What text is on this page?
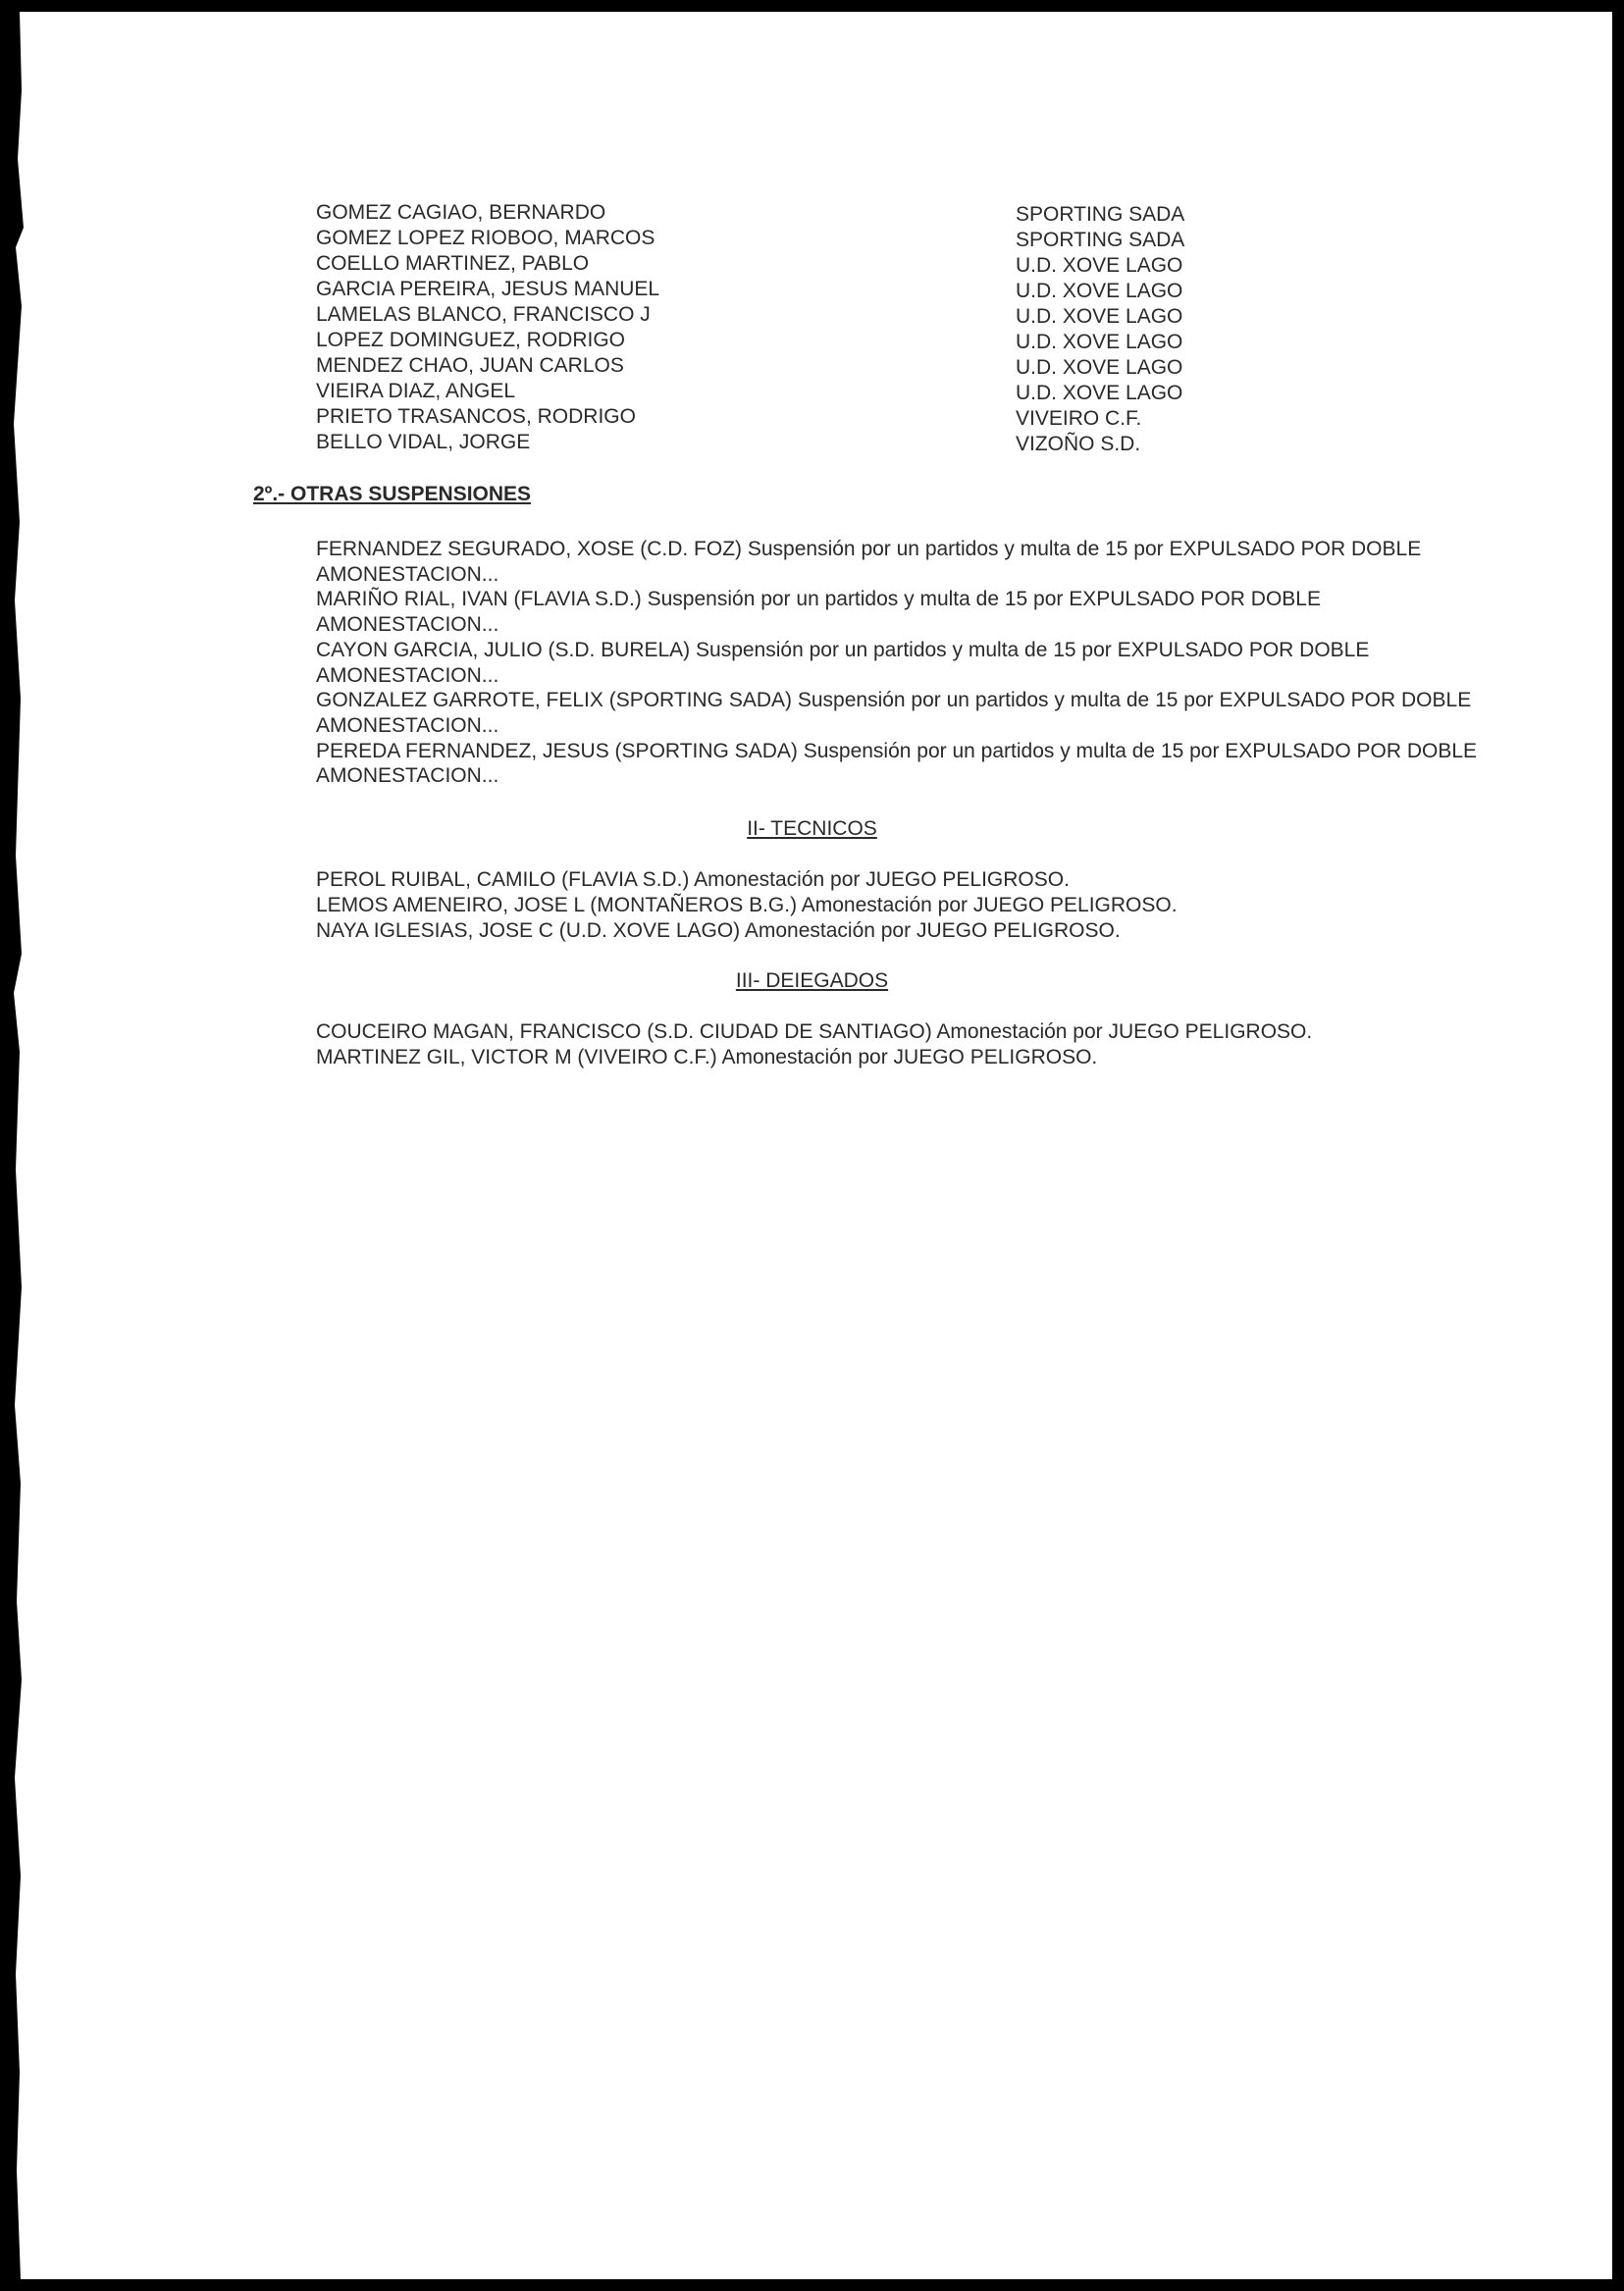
GOMEZ CAGIAO, BERNARDO	SPORTING SADA
GOMEZ LOPEZ RIOBOO, MARCOS	SPORTING SADA
COELLO MARTINEZ, PABLO	U.D. XOVE LAGO
GARCIA PEREIRA, JESUS MANUEL	U.D. XOVE LAGO
LAMELAS BLANCO, FRANCISCO J	U.D. XOVE LAGO
LOPEZ DOMINGUEZ, RODRIGO	U.D. XOVE LAGO
MENDEZ CHAO, JUAN CARLOS	U.D. XOVE LAGO
VIEIRA DIAZ, ANGEL	U.D. XOVE LAGO
PRIETO TRASANCOS, RODRIGO	VIVEIRO C.F.
BELLO VIDAL, JORGE	VIZOÑO S.D.
2º.- OTRAS SUSPENSIONES
FERNANDEZ SEGURADO, XOSE (C.D. FOZ) Suspensión por un partidos y multa de 15 por EXPULSADO POR DOBLE AMONESTACION...
MARIÑO RIAL, IVAN (FLAVIA S.D.) Suspensión por un partidos y multa de 15 por EXPULSADO POR DOBLE AMONESTACION...
CAYON GARCIA, JULIO (S.D. BURELA) Suspensión por un partidos y multa de 15 por EXPULSADO POR DOBLE AMONESTACION...
GONZALEZ GARROTE, FELIX (SPORTING SADA) Suspensión por un partidos y multa de 15 por EXPULSADO POR DOBLE AMONESTACION...
PEREDA FERNANDEZ, JESUS (SPORTING SADA) Suspensión por un partidos y multa de 15 por EXPULSADO POR DOBLE AMONESTACION...
II- TECNICOS
PEROL RUIBAL, CAMILO (FLAVIA S.D.) Amonestación por JUEGO PELIGROSO.
LEMOS AMENEIRO, JOSE L (MONTAÑEROS B.G.) Amonestación por JUEGO PELIGROSO.
NAYA IGLESIAS, JOSE C (U.D. XOVE LAGO) Amonestación por JUEGO PELIGROSO.
III- DEIEGADOS
COUCEIRO MAGAN, FRANCISCO (S.D. CIUDAD DE SANTIAGO) Amonestación por JUEGO PELIGROSO.
MARTINEZ GIL, VICTOR M (VIVEIRO C.F.) Amonestación por JUEGO PELIGROSO.
